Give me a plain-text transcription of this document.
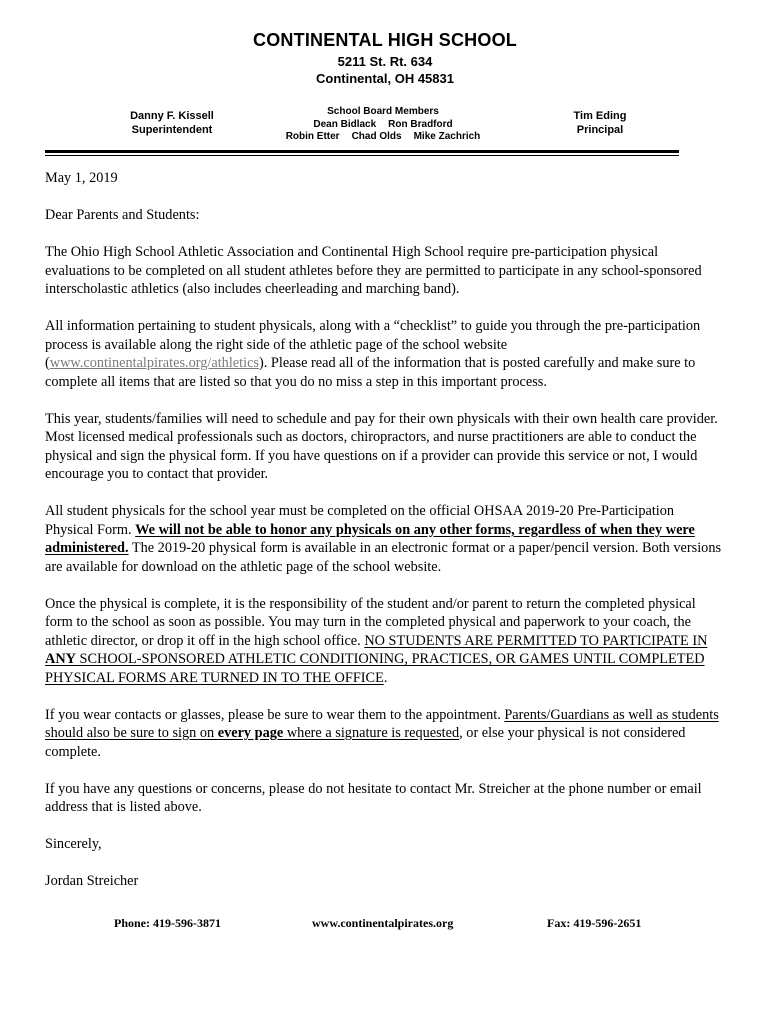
CONTINENTAL HIGH SCHOOL
5211 St. Rt. 634
Continental, OH 45831
Danny F. Kissell
Superintendent
School Board Members
Dean Bidlack Ron Bradford
Robin Etter Chad Olds Mike Zachrich
Tim Eding
Principal

May 1, 2019

Dear Parents and Students:

The Ohio High School Athletic Association and Continental High School require pre-participation physical evaluations to be completed on all student athletes before they are permitted to participate in any school-sponsored interscholastic athletics (also includes cheerleading and marching band).

All information pertaining to student physicals, along with a “checklist” to guide you through the pre-participation process is available along the right side of the athletic page of the school website (www.continentalpirates.org/athletics). Please read all of the information that is posted carefully and make sure to complete all items that are listed so that you do no miss a step in this important process.

This year, students/families will need to schedule and pay for their own physicals with their own health care provider. Most licensed medical professionals such as doctors, chiropractors, and nurse practitioners are able to conduct the physical and sign the physical form. If you have questions on if a provider can provide this service or not, I would encourage you to contact that provider.

All student physicals for the school year must be completed on the official OHSAA 2019-20 Pre-Participation Physical Form. We will not be able to honor any physicals on any other forms, regardless of when they were administered. The 2019-20 physical form is available in an electronic format or a paper/pencil version. Both versions are available for download on the athletic page of the school website.

Once the physical is complete, it is the responsibility of the student and/or parent to return the completed physical form to the school as soon as possible. You may turn in the completed physical and paperwork to your coach, the athletic director, or drop it off in the high school office. NO STUDENTS ARE PERMITTED TO PARTICIPATE IN ANY SCHOOL-SPONSORED ATHLETIC CONDITIONING, PRACTICES, OR GAMES UNTIL COMPLETED PHYSICAL FORMS ARE TURNED IN TO THE OFFICE.

If you wear contacts or glasses, please be sure to wear them to the appointment. Parents/Guardians as well as students should also be sure to sign on every page where a signature is requested, or else your physical is not considered complete.

If you have any questions or concerns, please do not hesitate to contact Mr. Streicher at the phone number or email address that is listed above.

Sincerely,

Jordan Streicher

Phone: 419-596-3871	www.continentalpirates.org	Fax: 419-596-2651
